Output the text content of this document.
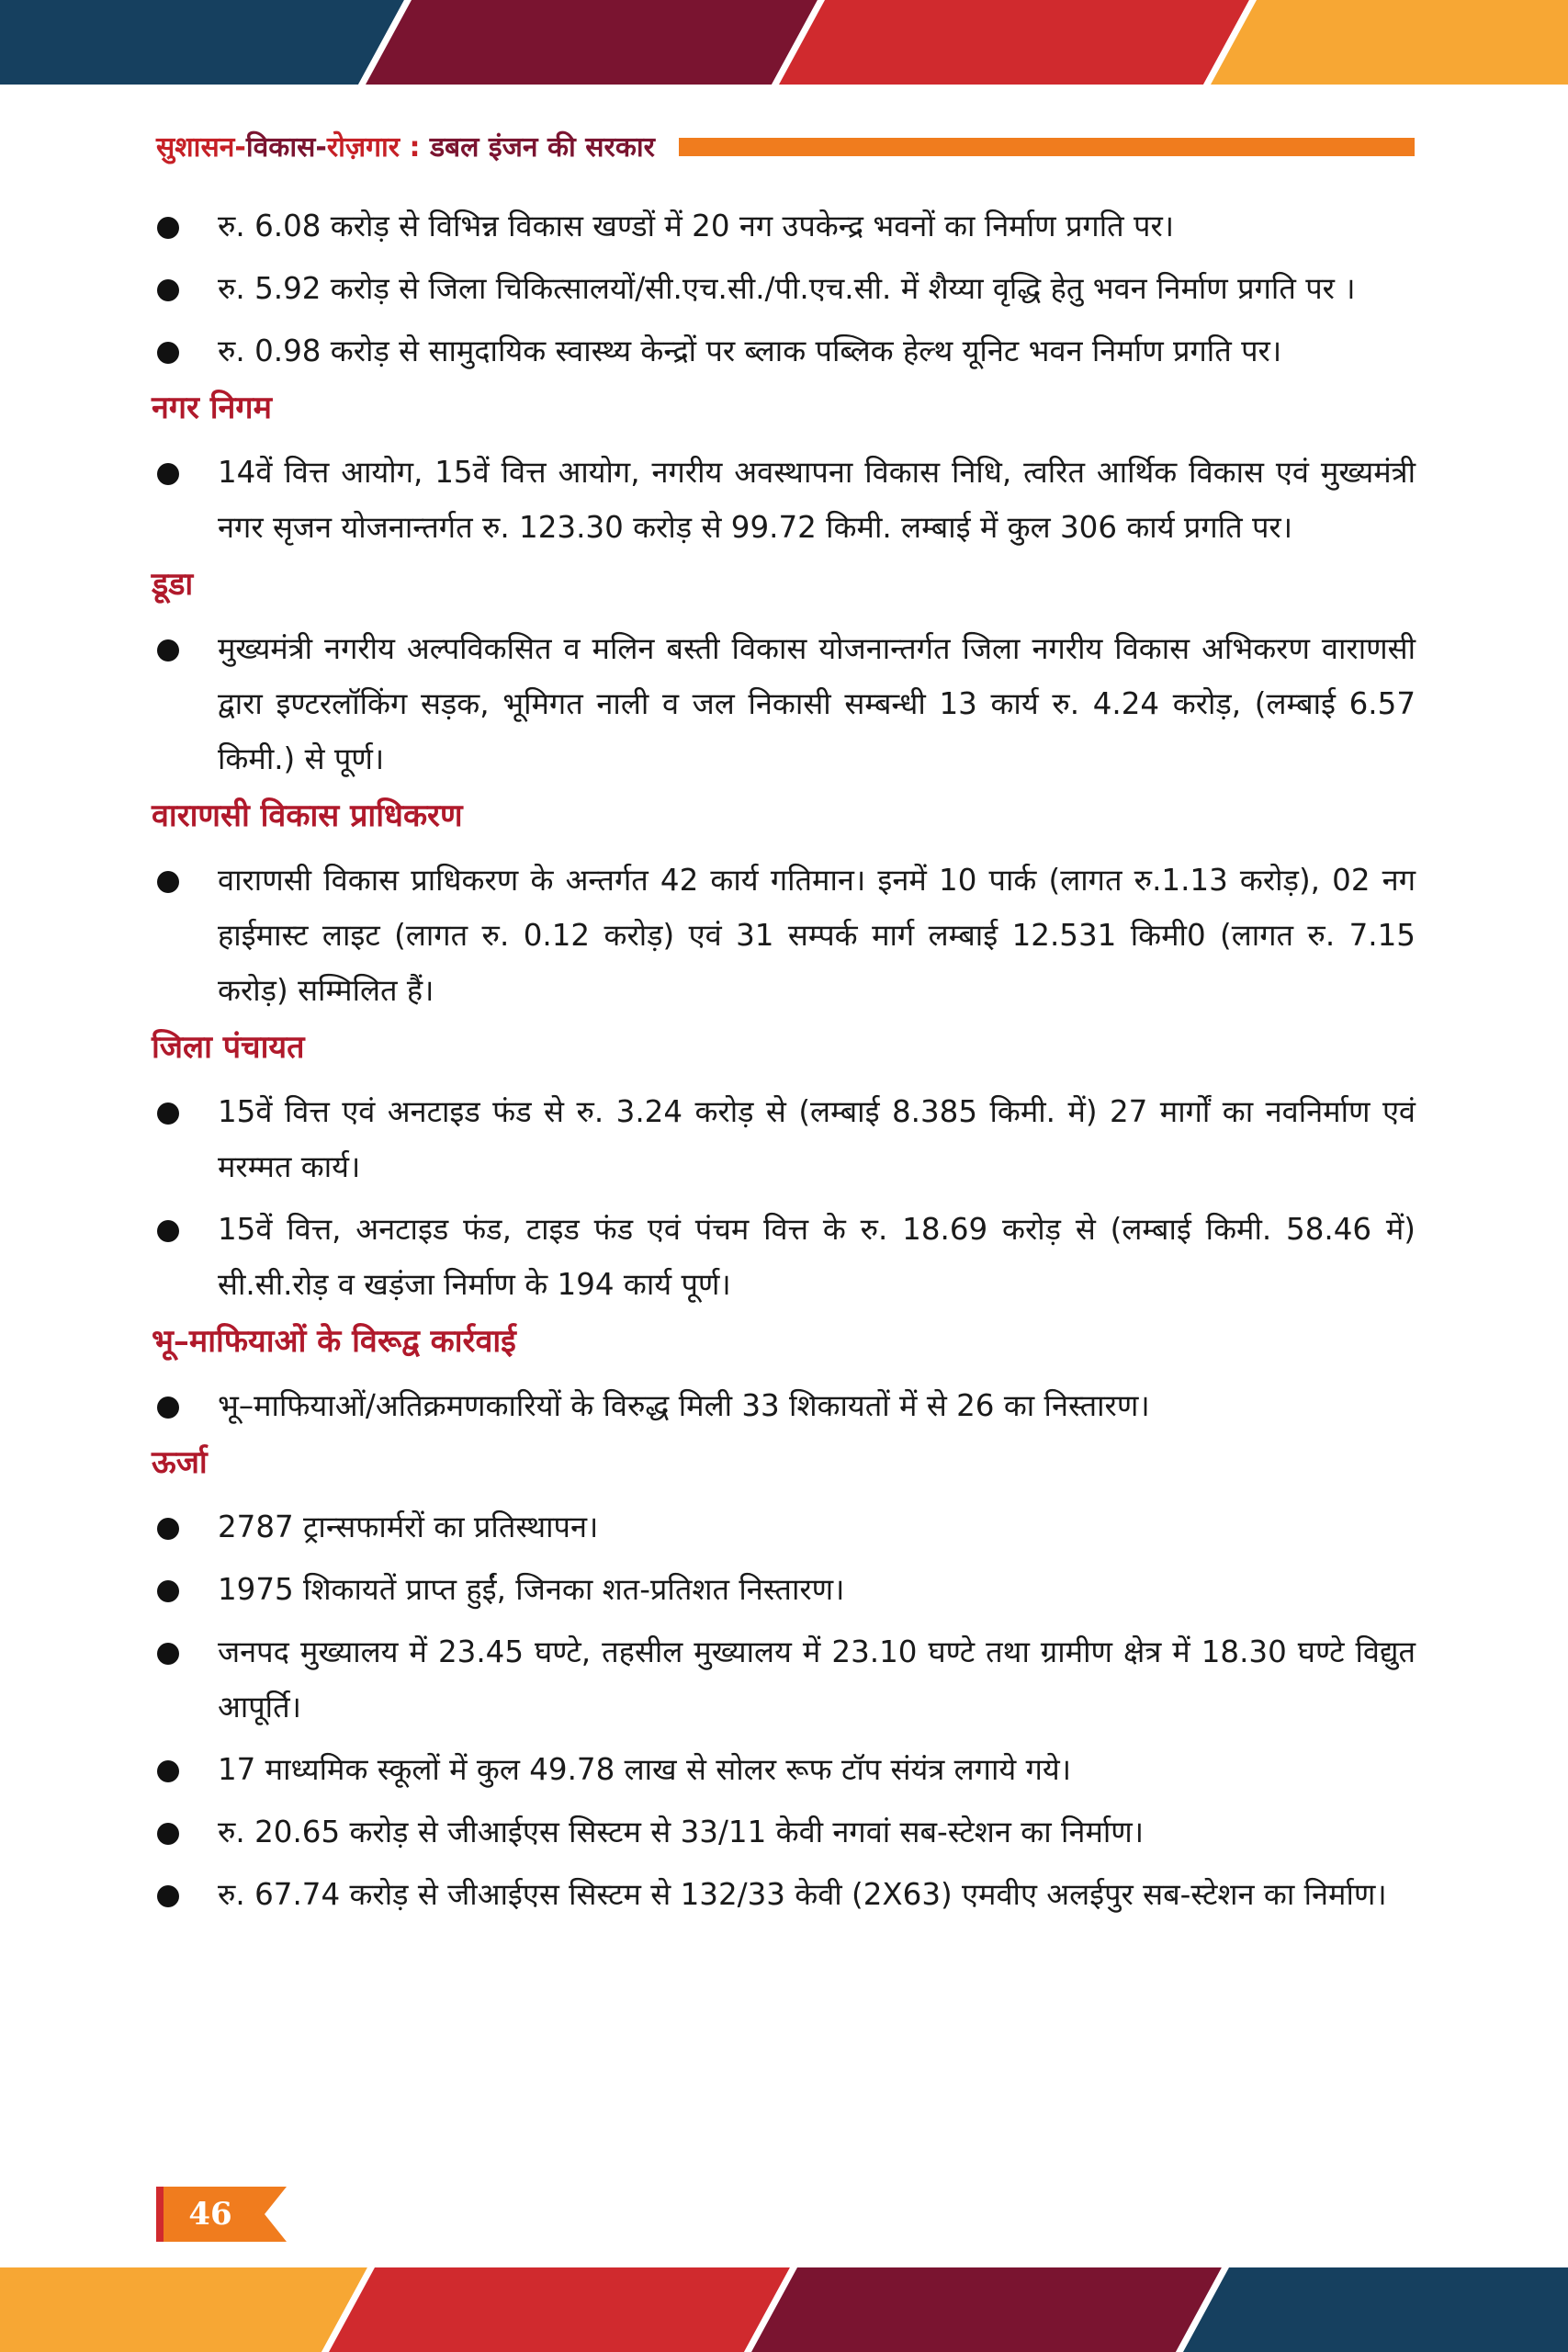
सुशासन-विकास-रोज़गार : डबल इंजन की सरकार
रु. 6.08 करोड़ से विभिन्न विकास खण्डों में 20 नग उपकेन्द्र भवनों का निर्माण प्रगति पर।
रु. 5.92 करोड़ से जिला चिकित्सालयों/सी.एच.सी./पी.एच.सी. में शैय्या वृद्धि हेतु भवन निर्माण प्रगति पर ।
रु. 0.98 करोड़ से सामुदायिक स्वास्थ्य केन्द्रों पर ब्लाक पब्लिक हेल्थ यूनिट भवन निर्माण प्रगति पर।
नगर निगम
14वें वित्त आयोग, 15वें वित्त आयोग, नगरीय अवस्थापना विकास निधि, त्वरित आर्थिक विकास एवं मुख्यमंत्री नगर सृजन योजनान्तर्गत रु. 123.30 करोड़ से 99.72 किमी. लम्बाई में कुल 306 कार्य प्रगति पर।
डूडा
मुख्यमंत्री नगरीय अल्पविकसित व मलिन बस्ती विकास योजनान्तर्गत जिला नगरीय विकास अभिकरण वाराणसी द्वारा इण्टरलॉकिंग सड़क, भूमिगत नाली व जल निकासी सम्बन्धी 13 कार्य रु. 4.24 करोड़, (लम्बाई 6.57 किमी.) से पूर्ण।
वाराणसी विकास प्राधिकरण
वाराणसी विकास प्राधिकरण के अन्तर्गत 42 कार्य गतिमान। इनमें 10 पार्क (लागत रु.1.13 करोड़), 02 नग हाईमास्ट लाइट (लागत रु. 0.12 करोड़) एवं 31 सम्पर्क मार्ग लम्बाई 12.531 किमी0 (लागत रु. 7.15 करोड़) सम्मिलित हैं।
जिला पंचायत
15वें वित्त एवं अनटाइड फंड से रु. 3.24 करोड़ से (लम्बाई 8.385 किमी. में) 27 मार्गों का नवनिर्माण एवं मरम्मत कार्य।
15वें वित्त, अनटाइड फंड, टाइड फंड एवं पंचम वित्त के रु. 18.69 करोड़ से (लम्बाई किमी. 58.46 में) सी.सी.रोड़ व खड़ंजा निर्माण के 194 कार्य पूर्ण।
भू–माफियाओं के विरूद्व कार्रवाई
भू–माफियाओं/अतिक्रमणकारियों के विरुद्ध मिली 33 शिकायतों में से 26 का निस्तारण।
ऊर्जा
2787 ट्रान्सफार्मरों का प्रतिस्थापन।
1975 शिकायतें प्राप्त हुईं, जिनका शत-प्रतिशत निस्तारण।
जनपद मुख्यालय में 23.45 घण्टे, तहसील मुख्यालय में 23.10 घण्टे तथा ग्रामीण क्षेत्र में 18.30 घण्टे विद्युत आपूर्ति।
17 माध्यमिक स्कूलों में कुल 49.78 लाख से सोलर रूफ टॉप संयंत्र लगाये गये।
रु. 20.65 करोड़ से जीआईएस सिस्टम से 33/11 केवी नगवां सब-स्टेशन का निर्माण।
रु. 67.74 करोड़ से जीआईएस सिस्टम से 132/33 केवी (2X63) एमवीए अलईपुर सब-स्टेशन का निर्माण।
46
